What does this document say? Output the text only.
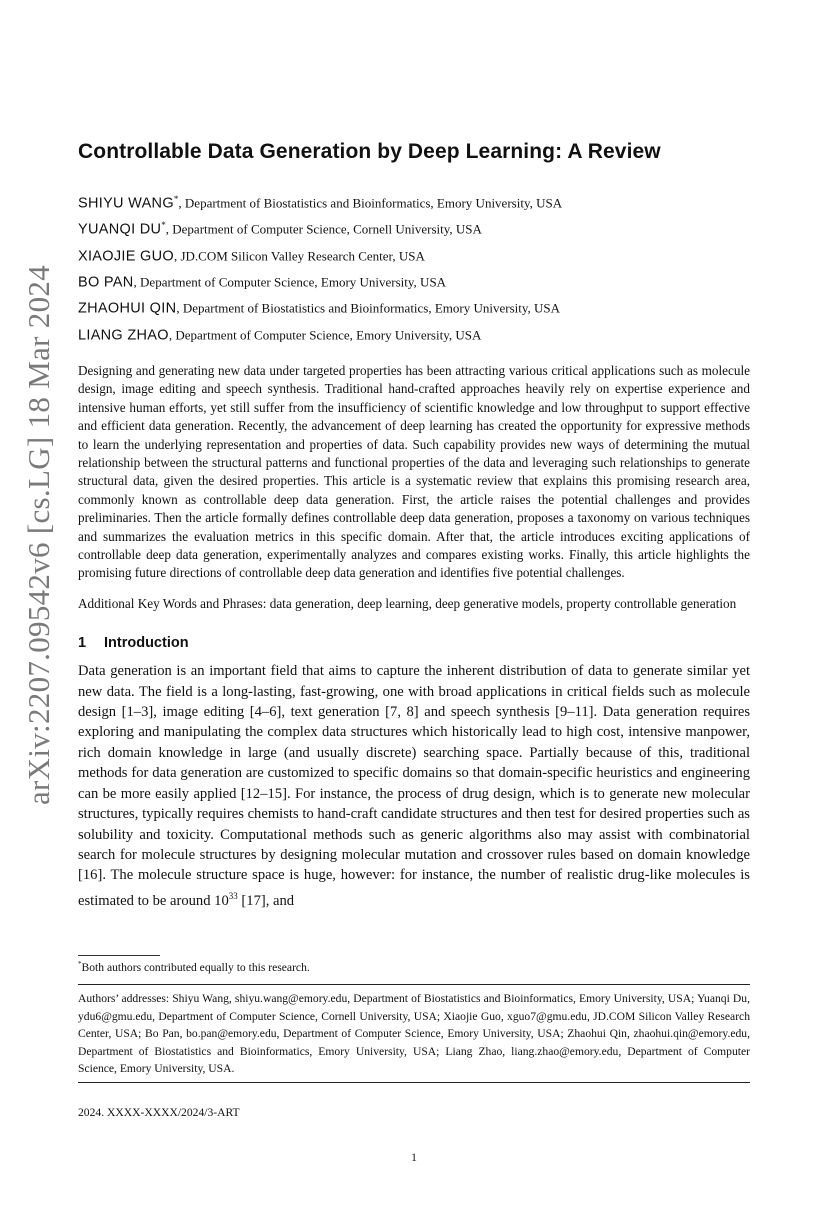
arXiv:2207.09542v6 [cs.LG] 18 Mar 2024
Controllable Data Generation by Deep Learning: A Review
SHIYU WANG*, Department of Biostatistics and Bioinformatics, Emory University, USA
YUANQI DU*, Department of Computer Science, Cornell University, USA
XIAOJIE GUO, JD.COM Silicon Valley Research Center, USA
BO PAN, Department of Computer Science, Emory University, USA
ZHAOHUI QIN, Department of Biostatistics and Bioinformatics, Emory University, USA
LIANG ZHAO, Department of Computer Science, Emory University, USA

Designing and generating new data under targeted properties has been attracting various critical applications such as molecule design, image editing and speech synthesis. Traditional hand-crafted approaches heavily rely on expertise experience and intensive human efforts, yet still suffer from the insufficiency of scientific knowledge and low throughput to support effective and efficient data generation. Recently, the advancement of deep learning has created the opportunity for expressive methods to learn the underlying representation and properties of data. Such capability provides new ways of determining the mutual relationship between the structural patterns and functional properties of the data and leveraging such relationships to generate structural data, given the desired properties. This article is a systematic review that explains this promising research area, commonly known as controllable deep data generation. First, the article raises the potential challenges and provides preliminaries. Then the article formally defines controllable deep data generation, proposes a taxonomy on various techniques and summarizes the evaluation metrics in this specific domain. After that, the article introduces exciting applications of controllable deep data generation, experimentally analyzes and compares existing works. Finally, this article highlights the promising future directions of controllable deep data generation and identifies five potential challenges.

Additional Key Words and Phrases: data generation, deep learning, deep generative models, property controllable generation

1 Introduction

Data generation is an important field that aims to capture the inherent distribution of data to generate similar yet new data. The field is a long-lasting, fast-growing, one with broad applications in critical fields such as molecule design [1–3], image editing [4–6], text generation [7, 8] and speech synthesis [9–11]. Data generation requires exploring and manipulating the complex data structures which historically lead to high cost, intensive manpower, rich domain knowledge in large (and usually discrete) searching space. Partially because of this, traditional methods for data generation are customized to specific domains so that domain-specific heuristics and engineering can be more easily applied [12–15]. For instance, the process of drug design, which is to generate new molecular structures, typically requires chemists to hand-craft candidate structures and then test for desired properties such as solubility and toxicity. Computational methods such as generic algorithms also may assist with combinatorial search for molecule structures by designing molecular mutation and crossover rules based on domain knowledge [16]. The molecule structure space is huge, however: for instance, the number of realistic drug-like molecules is estimated to be around $10^{33}$ [17], and

*Both authors contributed equally to this research.
Authors’ addresses: Shiyu Wang, shiyu.wang@emory.edu, Department of Biostatistics and Bioinformatics, Emory University, USA; Yuanqi Du, ydu6@gmu.edu, Department of Computer Science, Cornell University, USA; Xiaojie Guo, xguo7@gmu.edu, JD.COM Silicon Valley Research Center, USA; Bo Pan, bo.pan@emory.edu, Department of Computer Science, Emory University, USA; Zhaohui Qin, zhaohui.qin@emory.edu, Department of Biostatistics and Bioinformatics, Emory University, USA; Liang Zhao, liang.zhao@emory.edu, Department of Computer Science, Emory University, USA.
2024. XXXX-XXXX/2024/3-ART
1
